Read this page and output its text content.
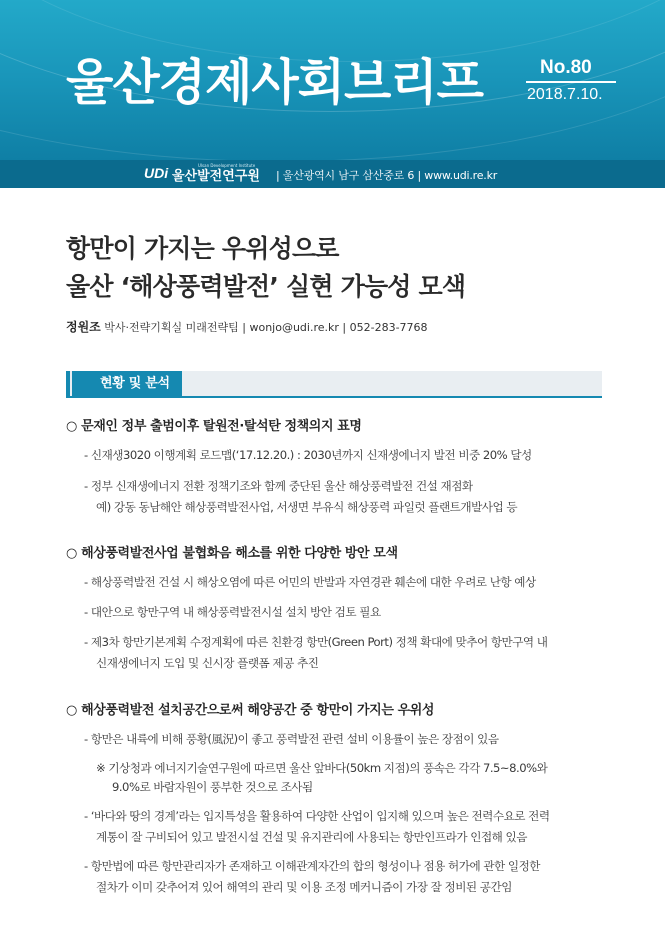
울산경제사회브리프	No.80
2018.7.10.
UDi 울산발전연구원
Ulsan Development Institute
| 울산광역시 남구 삼산중로 6 | www.udi.re.kr
항만이 가지는 우위성으로
울산 ‘해상풍력발전’ 실현 가능성 모색
정원조 박사·전략기획실 미래전략팀 | wonjo@udi.re.kr | 052-283-7768
현황 및 분석
○ 문재인 정부 출범이후 탈원전·탈석탄 정책의지 표명
- 신재생3020 이행계획 로드맵(‘17.12.20.) : 2030년까지 신재생에너지 발전 비중 20% 달성
- 정부 신재생에너지 전환 정책기조와 함께 중단된 울산 해상풍력발전 건설 재점화
예) 강동 동남해안 해상풍력발전사업, 서생면 부유식 해상풍력 파일럿 플랜트개발사업 등
○ 해상풍력발전사업 불협화음 해소를 위한 다양한 방안 모색
- 해상풍력발전 건설 시 해상오염에 따른 어민의 반발과 자연경관 훼손에 대한 우려로 난항 예상
- 대안으로 항만구역 내 해상풍력발전시설 설치 방안 검토 필요
- 제3차 항만기본계획 수정계획에 따른 친환경 항만(Green Port) 정책 확대에 맞추어 항만구역 내
신재생에너지 도입 및 신시장 플랫폼 제공 추진
○ 해상풍력발전 설치공간으로써 해양공간 중 항만이 가지는 우위성
- 항만은 내륙에 비해 풍황(風況)이 좋고 풍력발전 관련 설비 이용률이 높은 장점이 있음
※ 기상청과 에너지기술연구원에 따르면 울산 앞바다(50km 지점)의 풍속은 각각 7.5~8.0%와
9.0%로 바람자원이 풍부한 것으로 조사됨
- ‘바다와 땅의 경계’라는 입지특성을 활용하여 다양한 산업이 입지해 있으며 높은 전력수요로 전력
계통이 잘 구비되어 있고 발전시설 건설 및 유지관리에 사용되는 항만인프라가 인접해 있음
- 항만법에 따른 항만관리자가 존재하고 이해관계자간의 합의 형성이나 점용 허가에 관한 일정한
절차가 이미 갖추어져 있어 해역의 관리 및 이용 조정 메커니즘이 가장 잘 정비된 공간임
